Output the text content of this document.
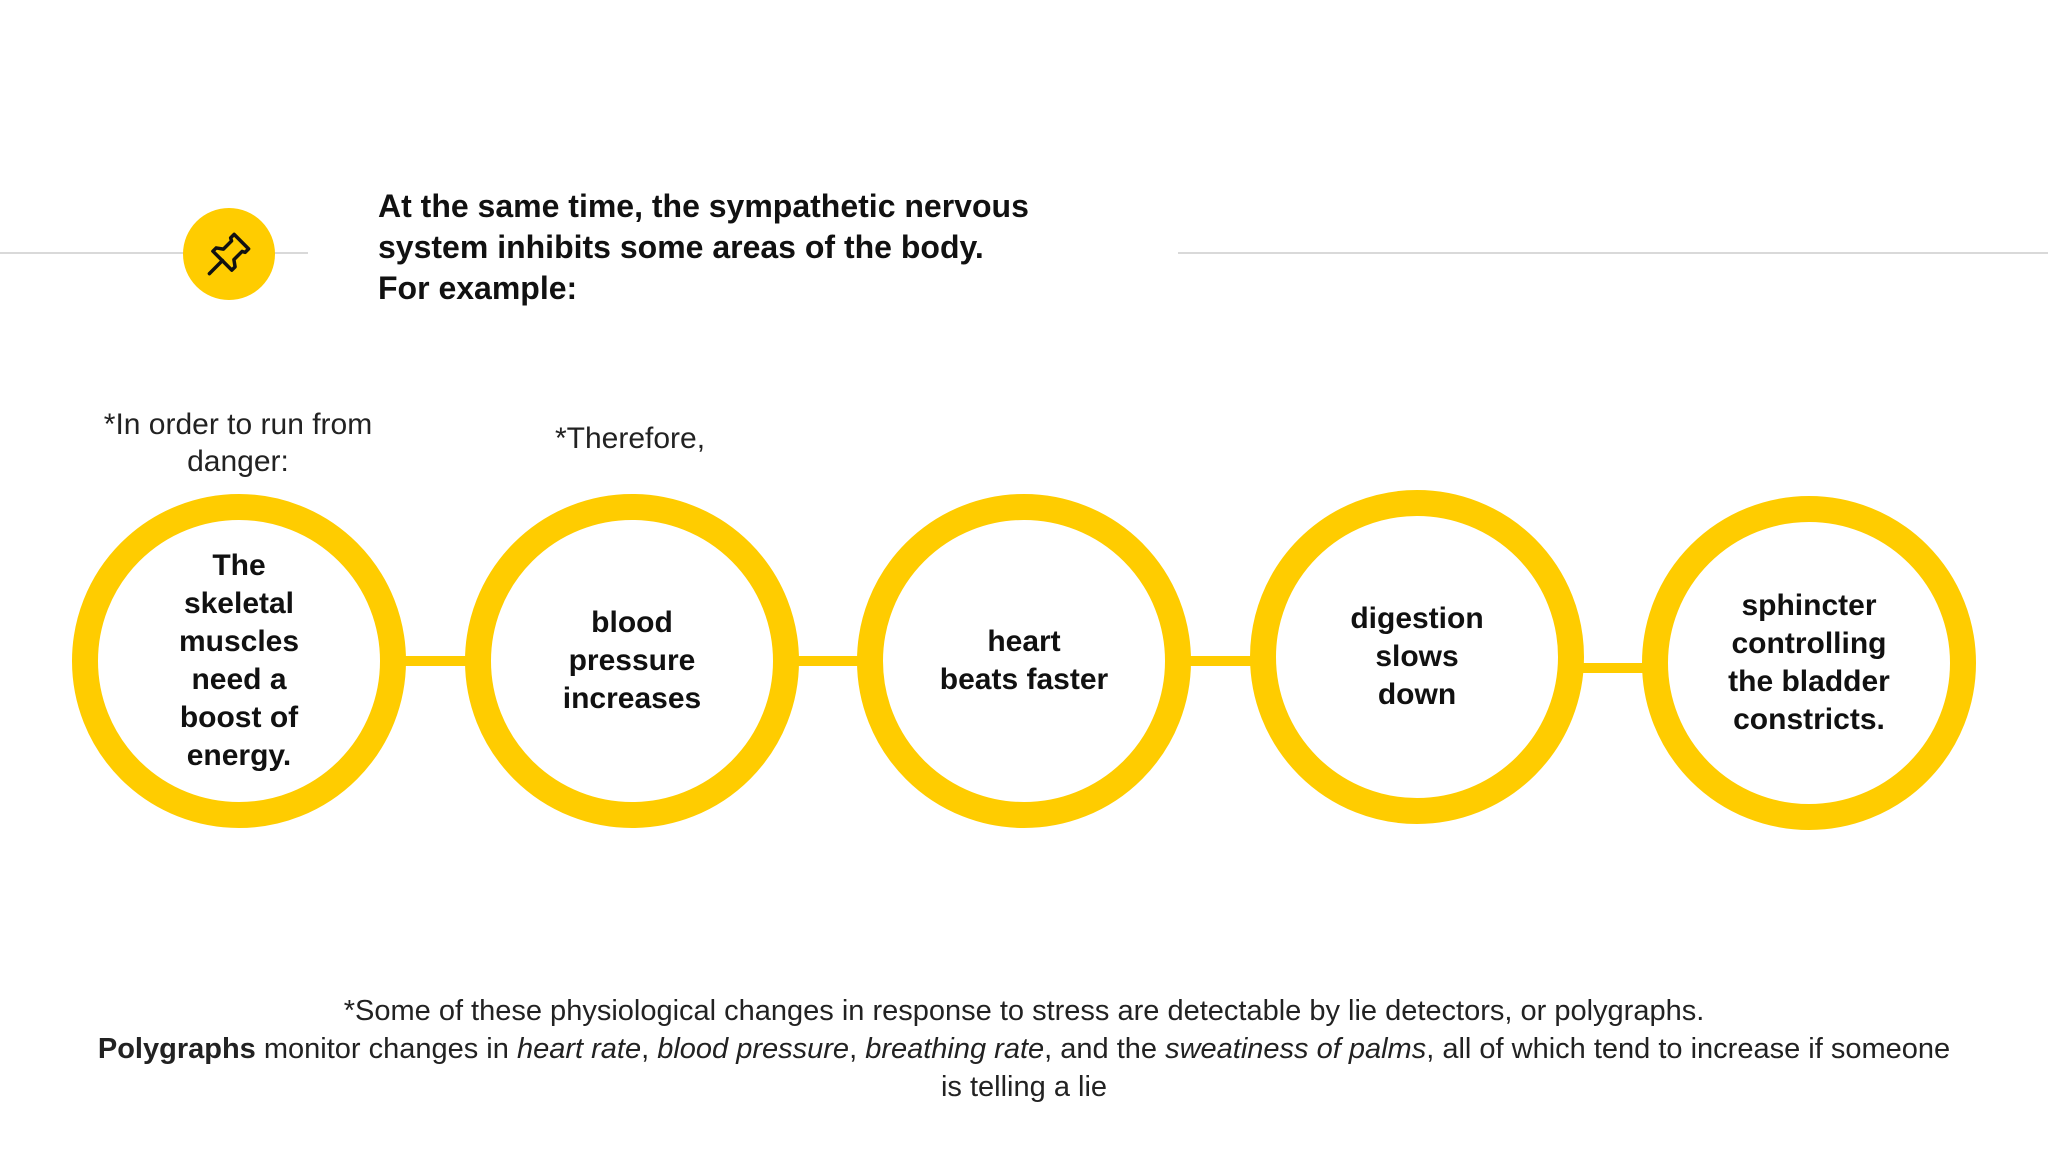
At the same time, the sympathetic nervous
system inhibits some areas of the body.
For example:
*In order to run from
danger:
*Therefore,
The
skeletal
muscles
need a
boost of
energy.
blood
pressure
increases
heart
beats faster
digestion
slows
down
sphincter
controlling
the bladder
constricts.

*Some of these physiological changes in response to stress are detectable by lie detectors, or polygraphs.

Polygraphs monitor changes in heart rate, blood pressure, breathing rate, and the sweatiness of palms, all of which tend to increase if someone

is telling a lie
